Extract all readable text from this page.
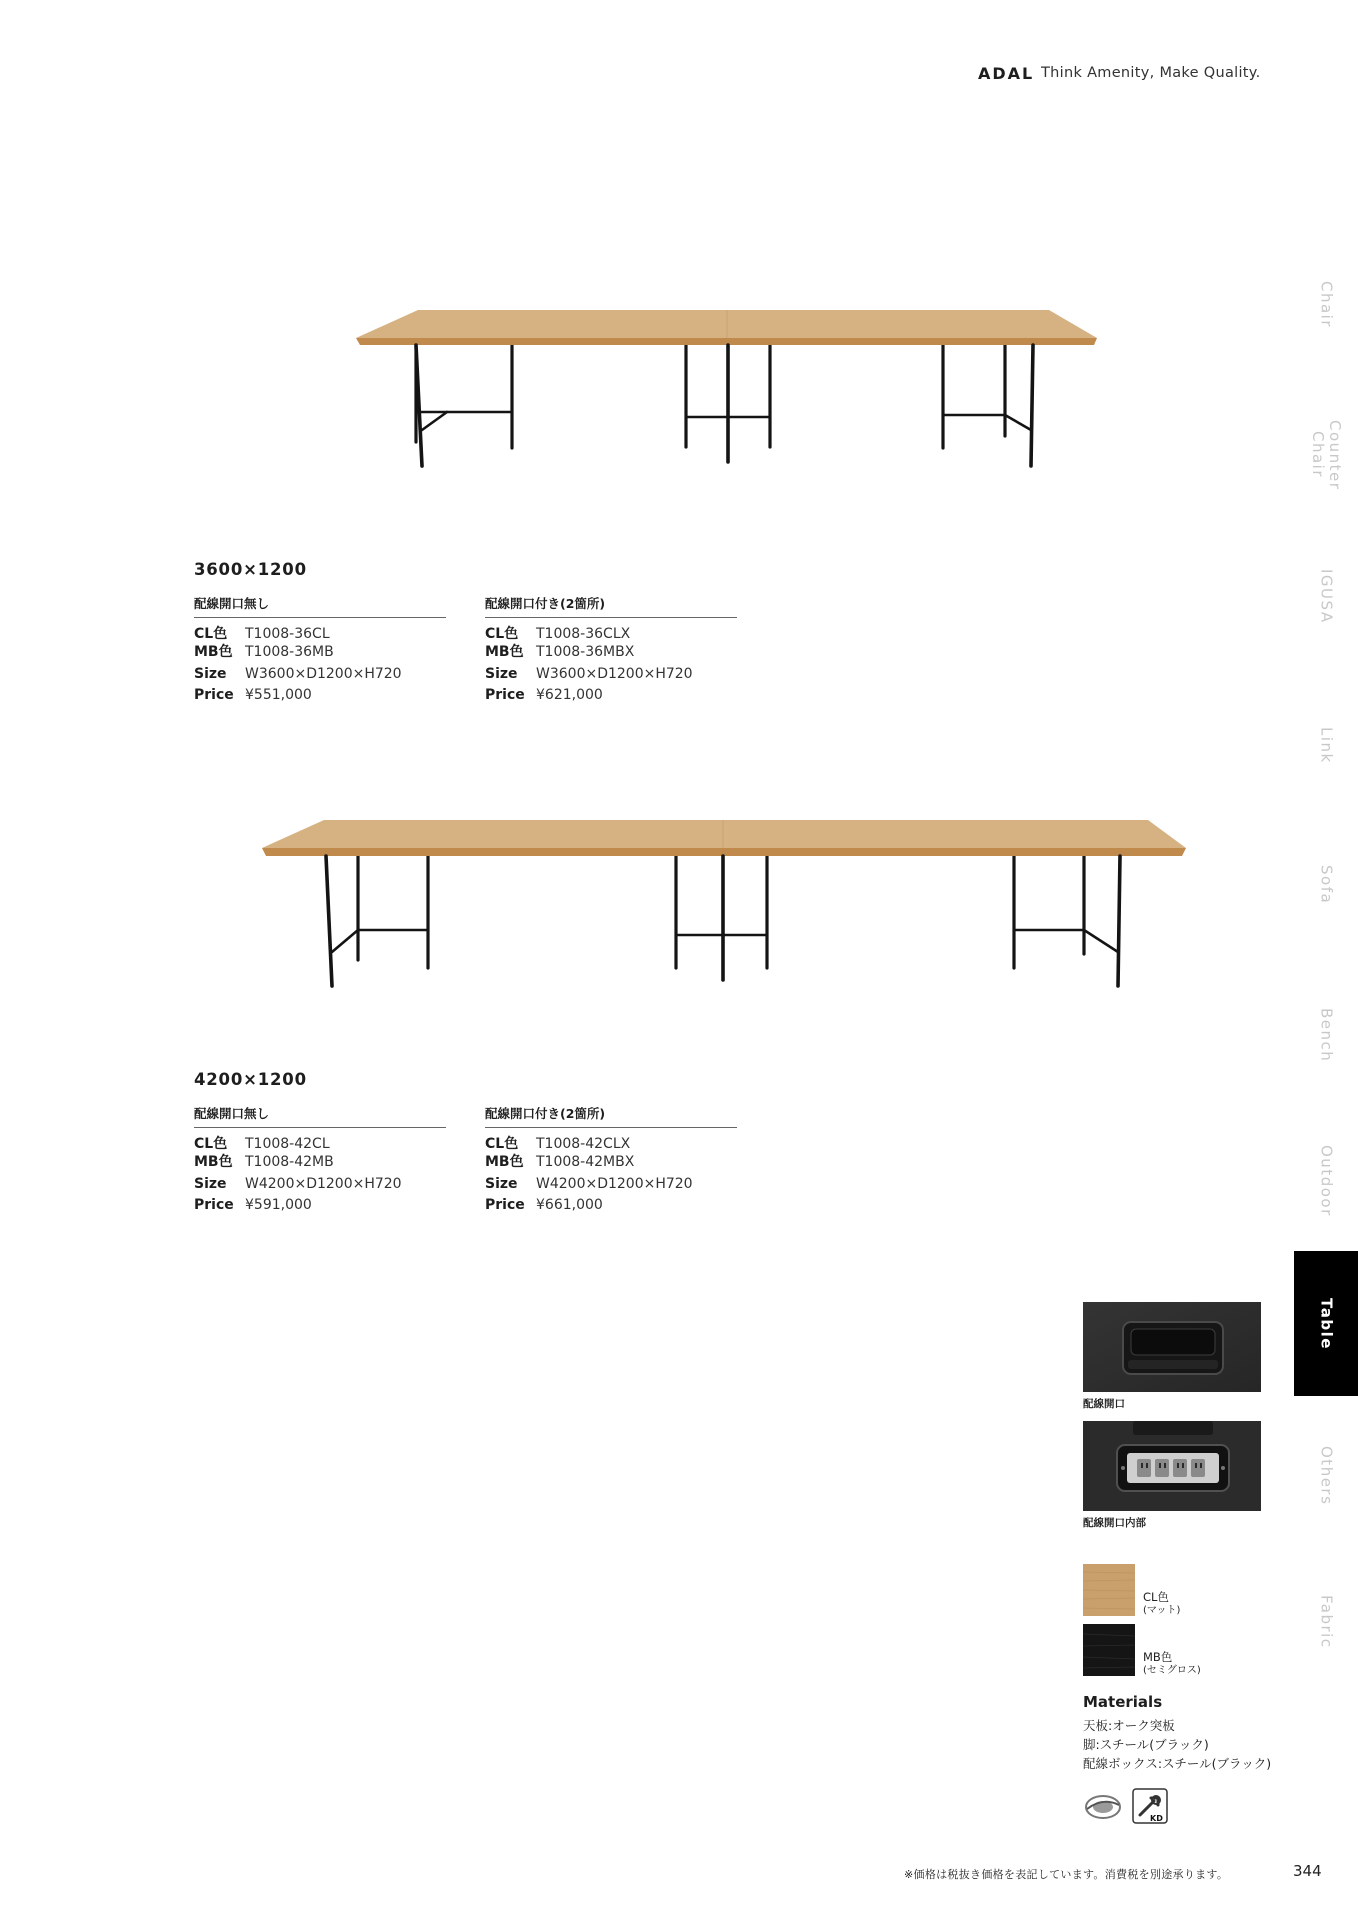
ADAL Think Amenity, Make Quality.
Chair
Counter
Chair
IGUSA
Link
Sofa
Bench
Outdoor
Table
Others
Fabric
3600×1200
配線開口無し
CL色	T1008-36CL
MB色 T1008-36MB
Size	W3600×D1200×H720
Price ¥551,000
配線開口付き(2箇所)
CL色	T1008-36CLX
MB色 T1008-36MBX
Size	W3600×D1200×H720
Price ¥621,000
4200×1200
配線開口無し
CL色	T1008-42CL
MB色 T1008-42MB
Size	W4200×D1200×H720
Price ¥591,000
配線開口付き(2箇所)
CL色	T1008-42CLX
MB色 T1008-42MBX
Size	W4200×D1200×H720
Price ¥661,000
配線開口
配線開口内部
CL色
(マット)
MB色
(セミグロス)
Materials
天板:オーク突板
脚:スチール(ブラック)
配線ボックス:スチール(ブラック)
KD
※価格は税抜き価格を表記しています。消費税を別途承ります。	344
